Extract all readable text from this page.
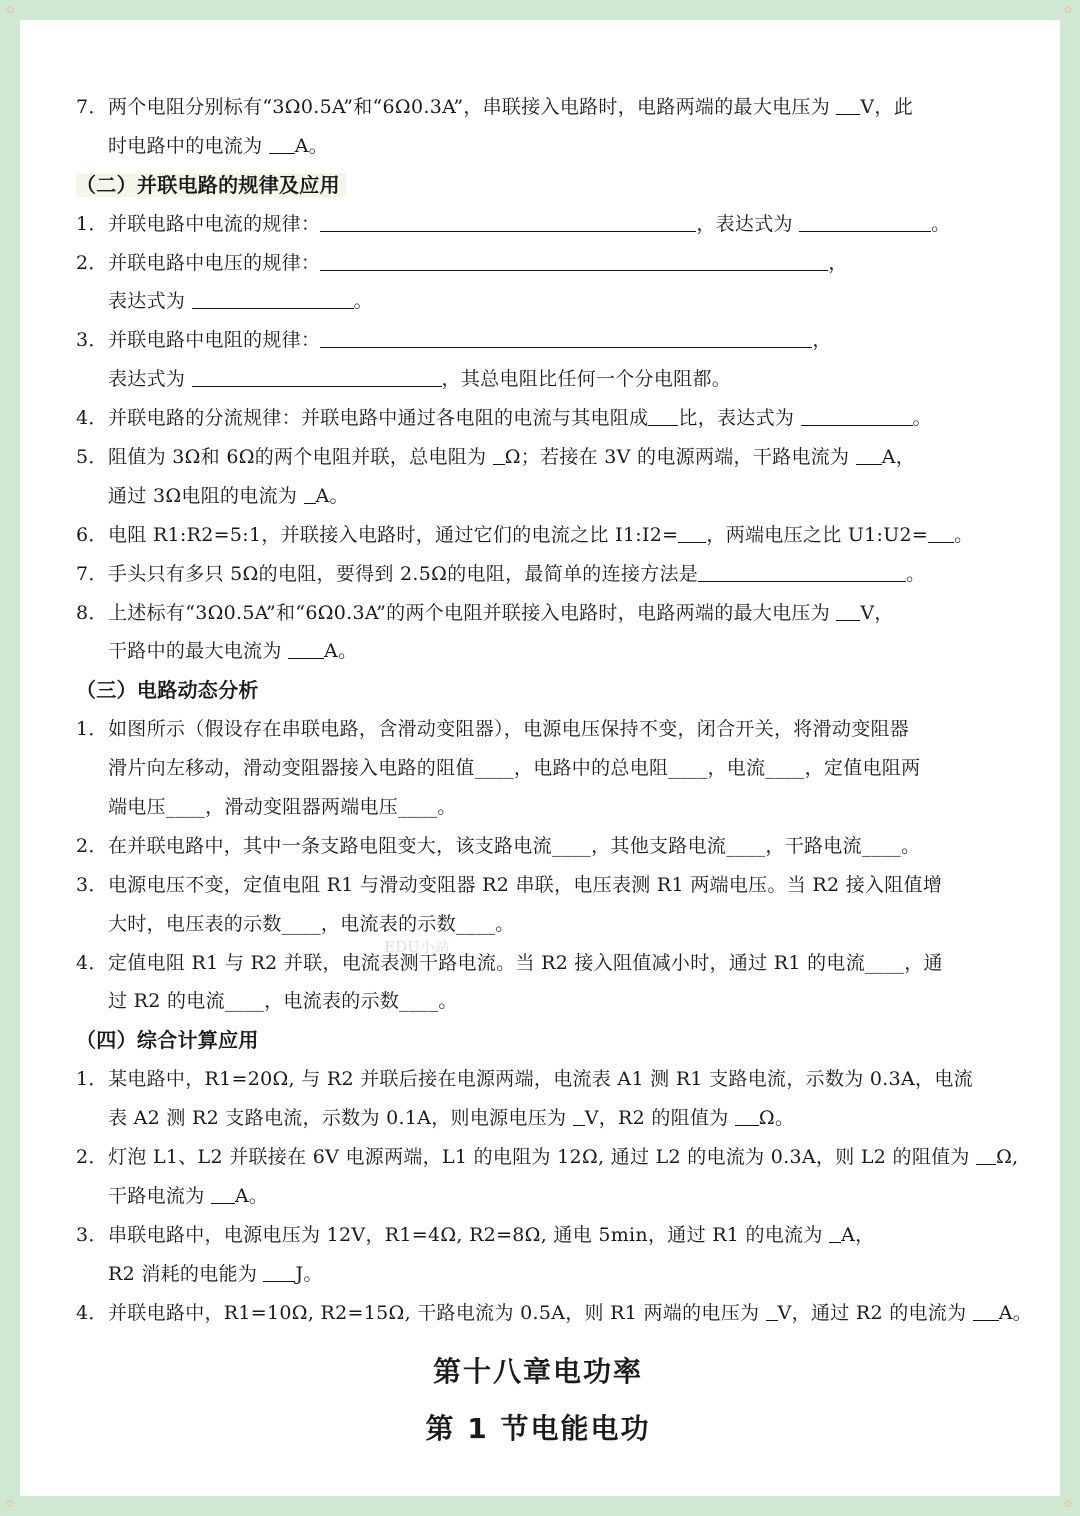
✿	✿
✿	✿
7．两个电阻分别标有“3Ω0.5A”和“6Ω0.3A”，串联接入电路时，电路两端的最大电压为 V，此
时电路中的电流为 A。
（二）并联电路的规律及应用
1．并联电路中电流的规律：	，表达式为	。
2．并联电路中电压的规律：	，
表达式为	。
3．并联电路中电阻的规律：	，
表达式为	，其总电阻比任何一个分电阻都。
4．并联电路的分流规律：并联电路中通过各电阻的电流与其电阻成 比，表达式为	。
5．阻值为 3Ω和 6Ω的两个电阻并联，总电阻为 Ω；若接在 3V 的电源两端，干路电流为 A，
通过 3Ω电阻的电流为 A。
6．电阻 R1:R2=5:1，并联接入电路时，通过它们的电流之比 I1:I2= ，两端电压之比 U1:U2= 。
7．手头只有多只 5Ω的电阻，要得到 2.5Ω的电阻，最简单的连接方法是	。
8．上述标有“3Ω0.5A”和“6Ω0.3A”的两个电阻并联接入电路时，电路两端的最大电压为 V，
干路中的最大电流为 A。
（三）电路动态分析
1．如图所示（假设存在串联电路，含滑动变阻器），电源电压保持不变，闭合开关，将滑动变阻器
滑片向左移动，滑动变阻器接入电路的阻值____，电路中的总电阻____，电流____，定值电阻两
端电压____，滑动变阻器两端电压____。
2．在并联电路中，其中一条支路电阻变大，该支路电流____，其他支路电流____，干路电流____。
3．电源电压不变，定值电阻 R1 与滑动变阻器 R2 串联，电压表测 R1 两端电压。当 R2 接入阻值增
大时，电压表的示数____，电流表的示数____。
4．定值电阻 R1 与 R2 并联，电流表测干路电流。当 R2 接入阻值减小时，通过 R1 的电流____，通
过 R2 的电流____，电流表的示数____。
（四）综合计算应用
1．某电路中，R1=20Ω, 与 R2 并联后接在电源两端，电流表 A1 测 R1 支路电流，示数为 0.3A，电流
表 A2 测 R2 支路电流，示数为 0.1A，则电源电压为 V，R2 的阻值为 Ω。
2．灯泡 L1、L2 并联接在 6V 电源两端，L1 的电阻为 12Ω, 通过 L2 的电流为 0.3A，则 L2 的阻值为 Ω,
干路电流为 A。
3．串联电路中，电源电压为 12V，R1=4Ω, R2=8Ω, 通电 5min，通过 R1 的电流为 A，
R2 消耗的电能为 J。
4．并联电路中，R1=10Ω, R2=15Ω, 干路电流为 0.5A，则 R1 两端的电压为 V，通过 R2 的电流为 A。
第十八章电功率
第 1 节电能电功
EDU小站
